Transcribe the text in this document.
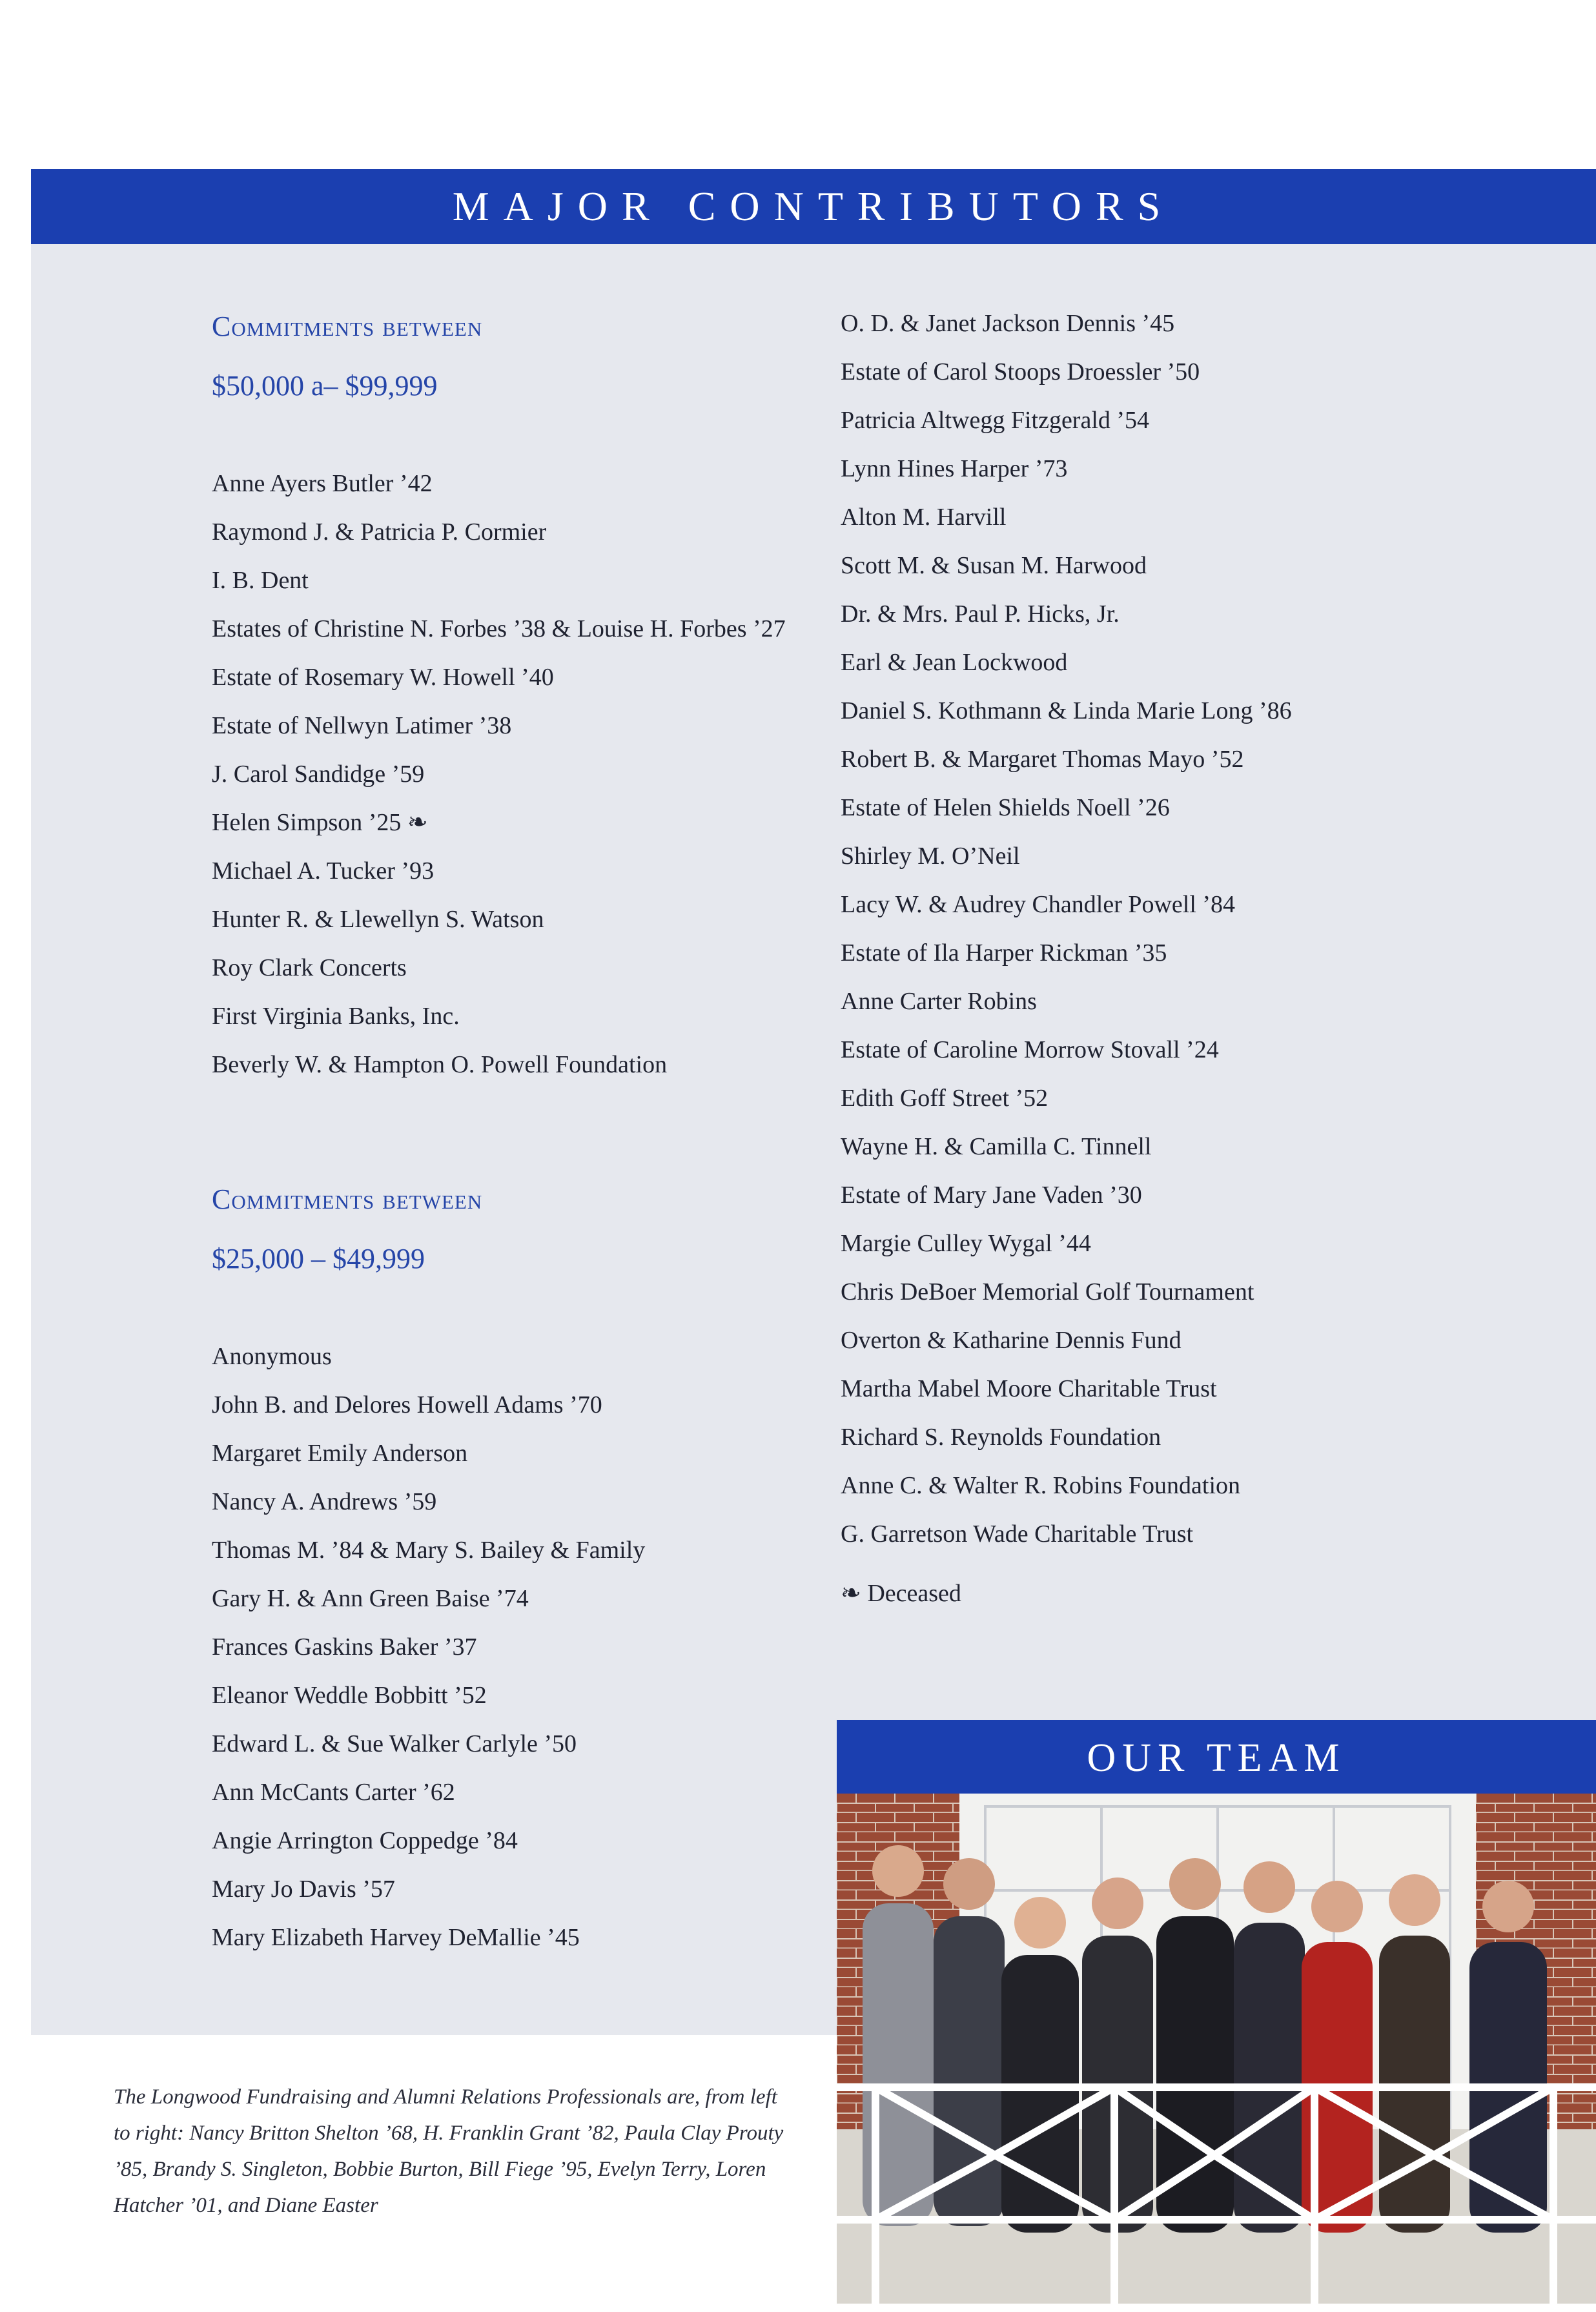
MAJOR CONTRIBUTORS
Commitments between
$50,000 a– $99,999
Anne Ayers Butler ’42
Raymond J. & Patricia P. Cormier
I. B. Dent
Estates of Christine N. Forbes ’38 & Louise H. Forbes ’27
Estate of Rosemary W. Howell ’40
Estate of Nellwyn Latimer ’38
J. Carol Sandidge ’59
Helen Simpson ’25 ❧
Michael A. Tucker ’93
Hunter R. & Llewellyn S. Watson
Roy Clark Concerts
First Virginia Banks, Inc.
Beverly W. & Hampton O. Powell Foundation
Commitments between
$25,000 – $49,999
Anonymous
John B. and Delores Howell Adams ’70
Margaret Emily Anderson
Nancy A. Andrews ’59
Thomas M. ’84 & Mary S. Bailey & Family
Gary H. & Ann Green Baise ’74
Frances Gaskins Baker ’37
Eleanor Weddle Bobbitt ’52
Edward L. & Sue Walker Carlyle ’50
Ann McCants Carter ’62
Angie Arrington Coppedge ’84
Mary Jo Davis ’57
Mary Elizabeth Harvey DeMallie ’45
O. D. & Janet Jackson Dennis ’45
Estate of Carol Stoops Droessler ’50
Patricia Altwegg Fitzgerald ’54
Lynn Hines Harper ’73
Alton M. Harvill
Scott M. & Susan M. Harwood
Dr. & Mrs. Paul P. Hicks, Jr.
Earl & Jean Lockwood
Daniel S. Kothmann & Linda Marie Long ’86
Robert B. & Margaret Thomas Mayo ’52
Estate of Helen Shields Noell ’26
Shirley M. O’Neil
Lacy W. & Audrey Chandler Powell ’84
Estate of Ila Harper Rickman ’35
Anne Carter Robins
Estate of Caroline Morrow Stovall ’24
Edith Goff Street ’52
Wayne H. & Camilla C. Tinnell
Estate of Mary Jane Vaden ’30
Margie Culley Wygal ’44
Chris DeBoer Memorial Golf Tournament
Overton & Katharine Dennis Fund
Martha Mabel Moore Charitable Trust
Richard S. Reynolds Foundation
Anne C. & Walter R. Robins Foundation
G. Garretson Wade Charitable Trust
❧ Deceased
OUR TEAM
The Longwood Fundraising and Alumni Relations Professionals are, from left to right: Nancy Britton Shelton ’68, H. Franklin Grant ’82, Paula Clay Prouty ’85, Brandy S. Singleton, Bobbie Burton, Bill Fiege ’95, Evelyn Terry, Loren Hatcher ’01, and Diane Easter
